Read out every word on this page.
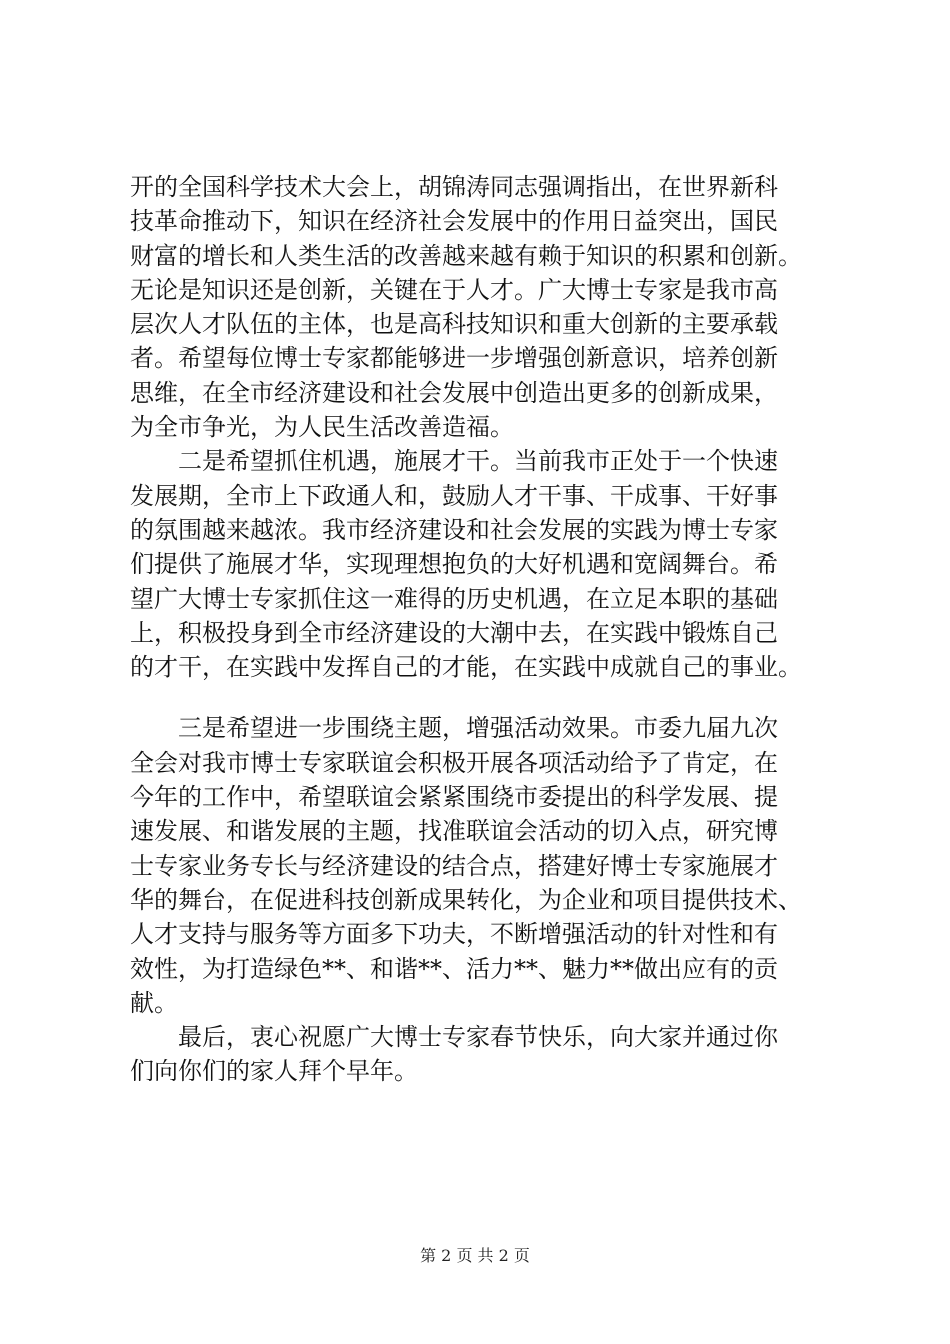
开的全国科学技术大会上，胡锦涛同志强调指出，在世界新科
技革命推动下，知识在经济社会发展中的作用日益突出，国民
财富的增长和人类生活的改善越来越有赖于知识的积累和创新。
无论是知识还是创新，关键在于人才。广大博士专家是我市高
层次人才队伍的主体，也是高科技知识和重大创新的主要承载
者。希望每位博士专家都能够进一步增强创新意识，培养创新
思维，在全市经济建设和社会发展中创造出更多的创新成果，
为全市争光，为人民生活改善造福。
二是希望抓住机遇，施展才干。当前我市正处于一个快速
发展期，全市上下政通人和，鼓励人才干事、干成事、干好事
的氛围越来越浓。我市经济建设和社会发展的实践为博士专家
们提供了施展才华，实现理想抱负的大好机遇和宽阔舞台。希
望广大博士专家抓住这一难得的历史机遇，在立足本职的基础
上，积极投身到全市经济建设的大潮中去，在实践中锻炼自己
的才干，在实践中发挥自己的才能，在实践中成就自己的事业。
三是希望进一步围绕主题，增强活动效果。市委九届九次
全会对我市博士专家联谊会积极开展各项活动给予了肯定，在
今年的工作中，希望联谊会紧紧围绕市委提出的科学发展、提
速发展、和谐发展的主题，找准联谊会活动的切入点，研究博
士专家业务专长与经济建设的结合点，搭建好博士专家施展才
华的舞台，在促进科技创新成果转化，为企业和项目提供技术、
人才支持与服务等方面多下功夫，不断增强活动的针对性和有
效性，为打造绿色**、和谐**、活力**、魅力**做出应有的贡
献。
最后，衷心祝愿广大博士专家春节快乐，向大家并通过你
们向你们的家人拜个早年。
第 2 页 共 2 页
